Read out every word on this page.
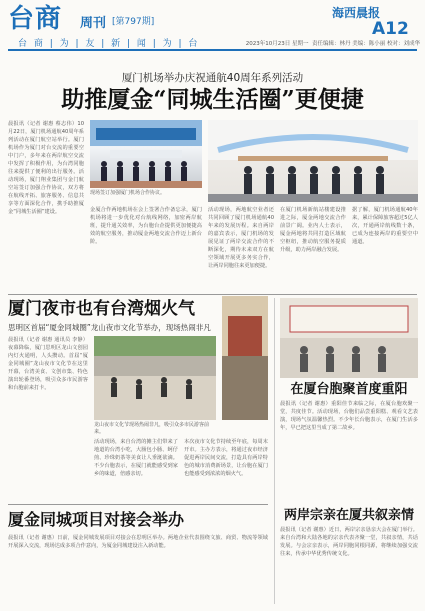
台商 周刊 [第797期]
台 商 | 为 | 友 | 新 | 闻 | 为 | 台
海西晨报
A12
2023年10月23日 星期一 责任编辑：林丹 美编：陈小丽 校对：刘成华
厦门机场举办庆祝通航40周年系列活动
助推厦金“同城生活圈”更便捷
晨报讯（记者 谢惠 蔡志伟）10月22日，厦门机场通航40周年系列活动在厦门航空站举行。厦门机场作为厦门对台交流的重要空中门户，多年来在两岸航空交流中发挥了积极作用，为台湾同胞往来提供了便利的出行服务。活动现场，厦门翔业集团与金门航空站签订加强合作协议，双方将在航线开拓、旅客服务、信息共享等方面深化合作，携手助推厦金“同城生活圈”建设。
现场签订加强厦门机场合作协议。
金厦合作两地机场在会上签署合作备忘录，厦门机场将进一步优化对台航线网络，加密两岸航班，提升通关效率，为台胞台企提供更加便捷高效的航空服务，推动厦金两地交流合作迈上新台阶。
活动现场，两地航空业者还共同回顾了厦门机场通航40年来的发展历程。来自两岸的嘉宾表示，厦门机场的发展见证了两岸交流合作的不断深化，期待未来双方在航空领域开展更多务实合作，让两岸同胞往来更加便捷。
在厦门机场新航站楼建设推进之际，厦金两地交流合作前景广阔。业内人士表示，厦金两地将共同打造区域航空枢纽，推动航空服务提质升级，助力两岸融合发展。
据了解，厦门机场通航40年来，累计保障旅客超过5亿人次，开通两岸航线数十条，已成为连接两岸的重要空中通道。
厦门夜市也有台湾烟火气
思明区首届“厦金同城圈”龙山夜市文化节举办，现场热闹非凡
晨报讯（记者 谢惠 通讯员 李静）夜幕降临，厦门思明区龙山文创园内灯火通明，人头攒动。首届“厦金同城圈”龙山夜市文化节在这里开幕，台湾美食、文创市集、特色演出轮番登场，吸引众多市民游客和台胞前来打卡。
龙山夜市文化节现场热闹非凡，吸引众多市民游客前来。
活动现场，来自台湾的摊主们带来了地道的台湾小吃，大肠包小肠、蚵仔煎、珍珠奶茶等美食让人垂涎欲滴。不少台胞表示，在厦门就能感受到家乡的味道，倍感亲切。
本次夜市文化节持续至年底，每周末开市。主办方表示，将通过夜市经济促进两岸民间交流，打造具有两岸特色的城市消费新场景，让台胞在厦门也能感受到浓浓的烟火气。
在厦台胞聚首度重阳
晨报讯（记者 谢惠）重阳佳节来临之际，在厦台胞欢聚一堂，共度佳节。活动现场，台胞们品尝重阳糕、观看文艺表演，现场气氛温馨热烈。不少年长台胞表示，在厦门生活多年，早已把这里当成了第二故乡。
两岸宗亲在厦共叙亲情
晨报讯（记者 谢惠）近日，两岸宗亲恳亲大会在厦门举行。来自台湾和大陆各地的宗亲代表齐聚一堂，共叙亲情，共话发展。与会宗亲表示，两岸同胞同根同源，将继续加强交流往来，传承中华优秀传统文化。
厦金同城项目对接会举办
晨报讯（记者 谢惠）日前，厦金同城发展项目对接会在思明区举办。两地企业代表围绕文旅、商贸、物流等领域开展深入交流，现场达成多项合作意向，为厦金同城建设注入新动能。
